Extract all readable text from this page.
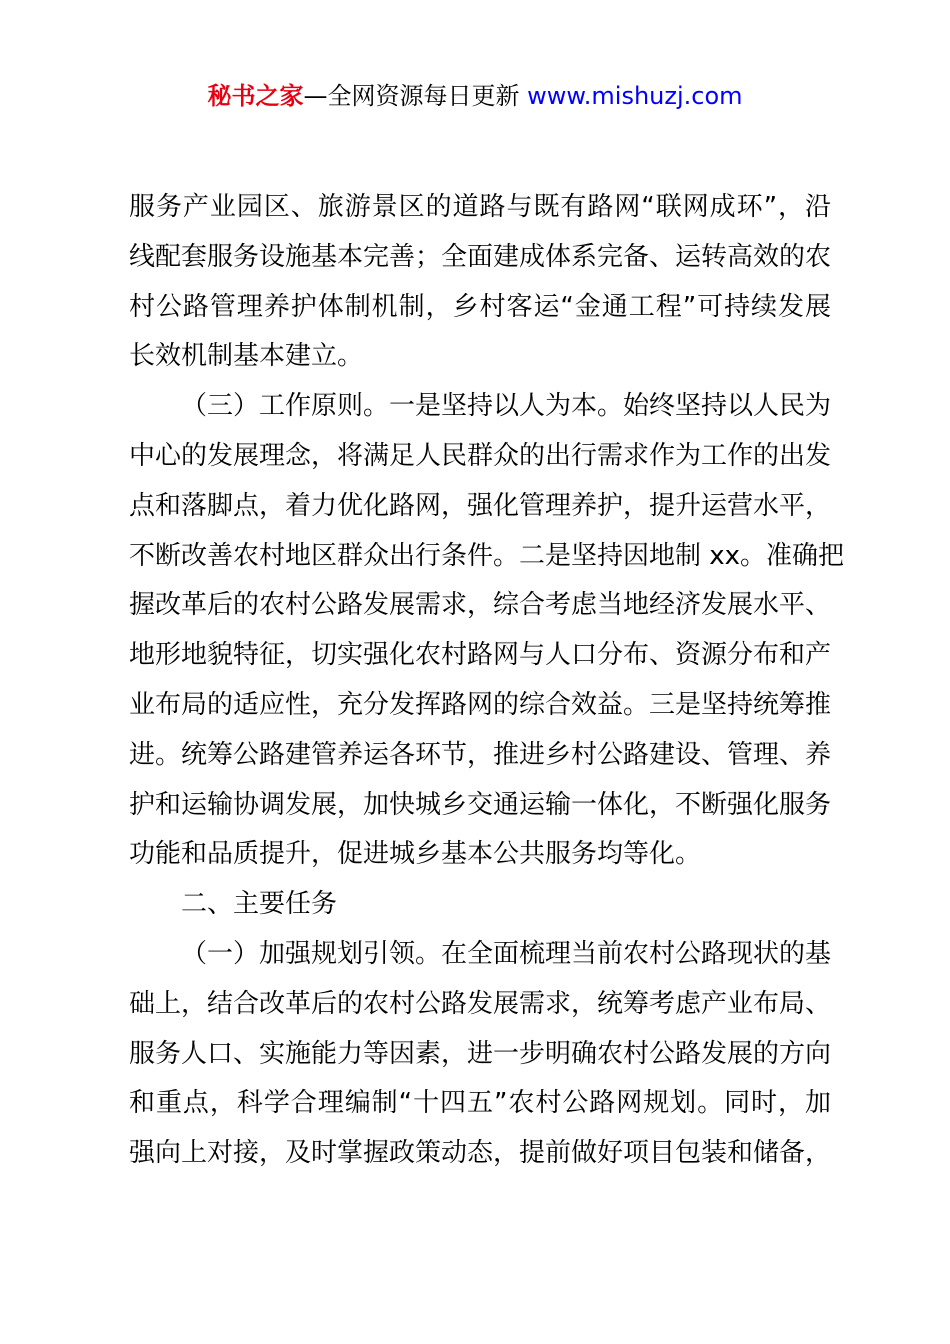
秘书之家—全网资源每日更新 www.mishuzj.com
服务产业园区、旅游景区的道路与既有路网“联网成环”，沿
线配套服务设施基本完善；全面建成体系完备、运转高效的农
村公路管理养护体制机制，乡村客运“金通工程”可持续发展
长效机制基本建立。
（三）工作原则。一是坚持以人为本。始终坚持以人民为
中心的发展理念，将满足人民群众的出行需求作为工作的出发
点和落脚点，着力优化路网，强化管理养护，提升运营水平，
不断改善农村地区群众出行条件。二是坚持因地制 xx。准确把
握改革后的农村公路发展需求，综合考虑当地经济发展水平、
地形地貌特征，切实强化农村路网与人口分布、资源分布和产
业布局的适应性，充分发挥路网的综合效益。三是坚持统筹推
进。统筹公路建管养运各环节，推进乡村公路建设、管理、养
护和运输协调发展，加快城乡交通运输一体化，不断强化服务
功能和品质提升，促进城乡基本公共服务均等化。
二、主要任务
（一）加强规划引领。在全面梳理当前农村公路现状的基
础上，结合改革后的农村公路发展需求，统筹考虑产业布局、
服务人口、实施能力等因素，进一步明确农村公路发展的方向
和重点，科学合理编制“十四五”农村公路网规划。同时，加
强向上对接，及时掌握政策动态，提前做好项目包装和储备，
